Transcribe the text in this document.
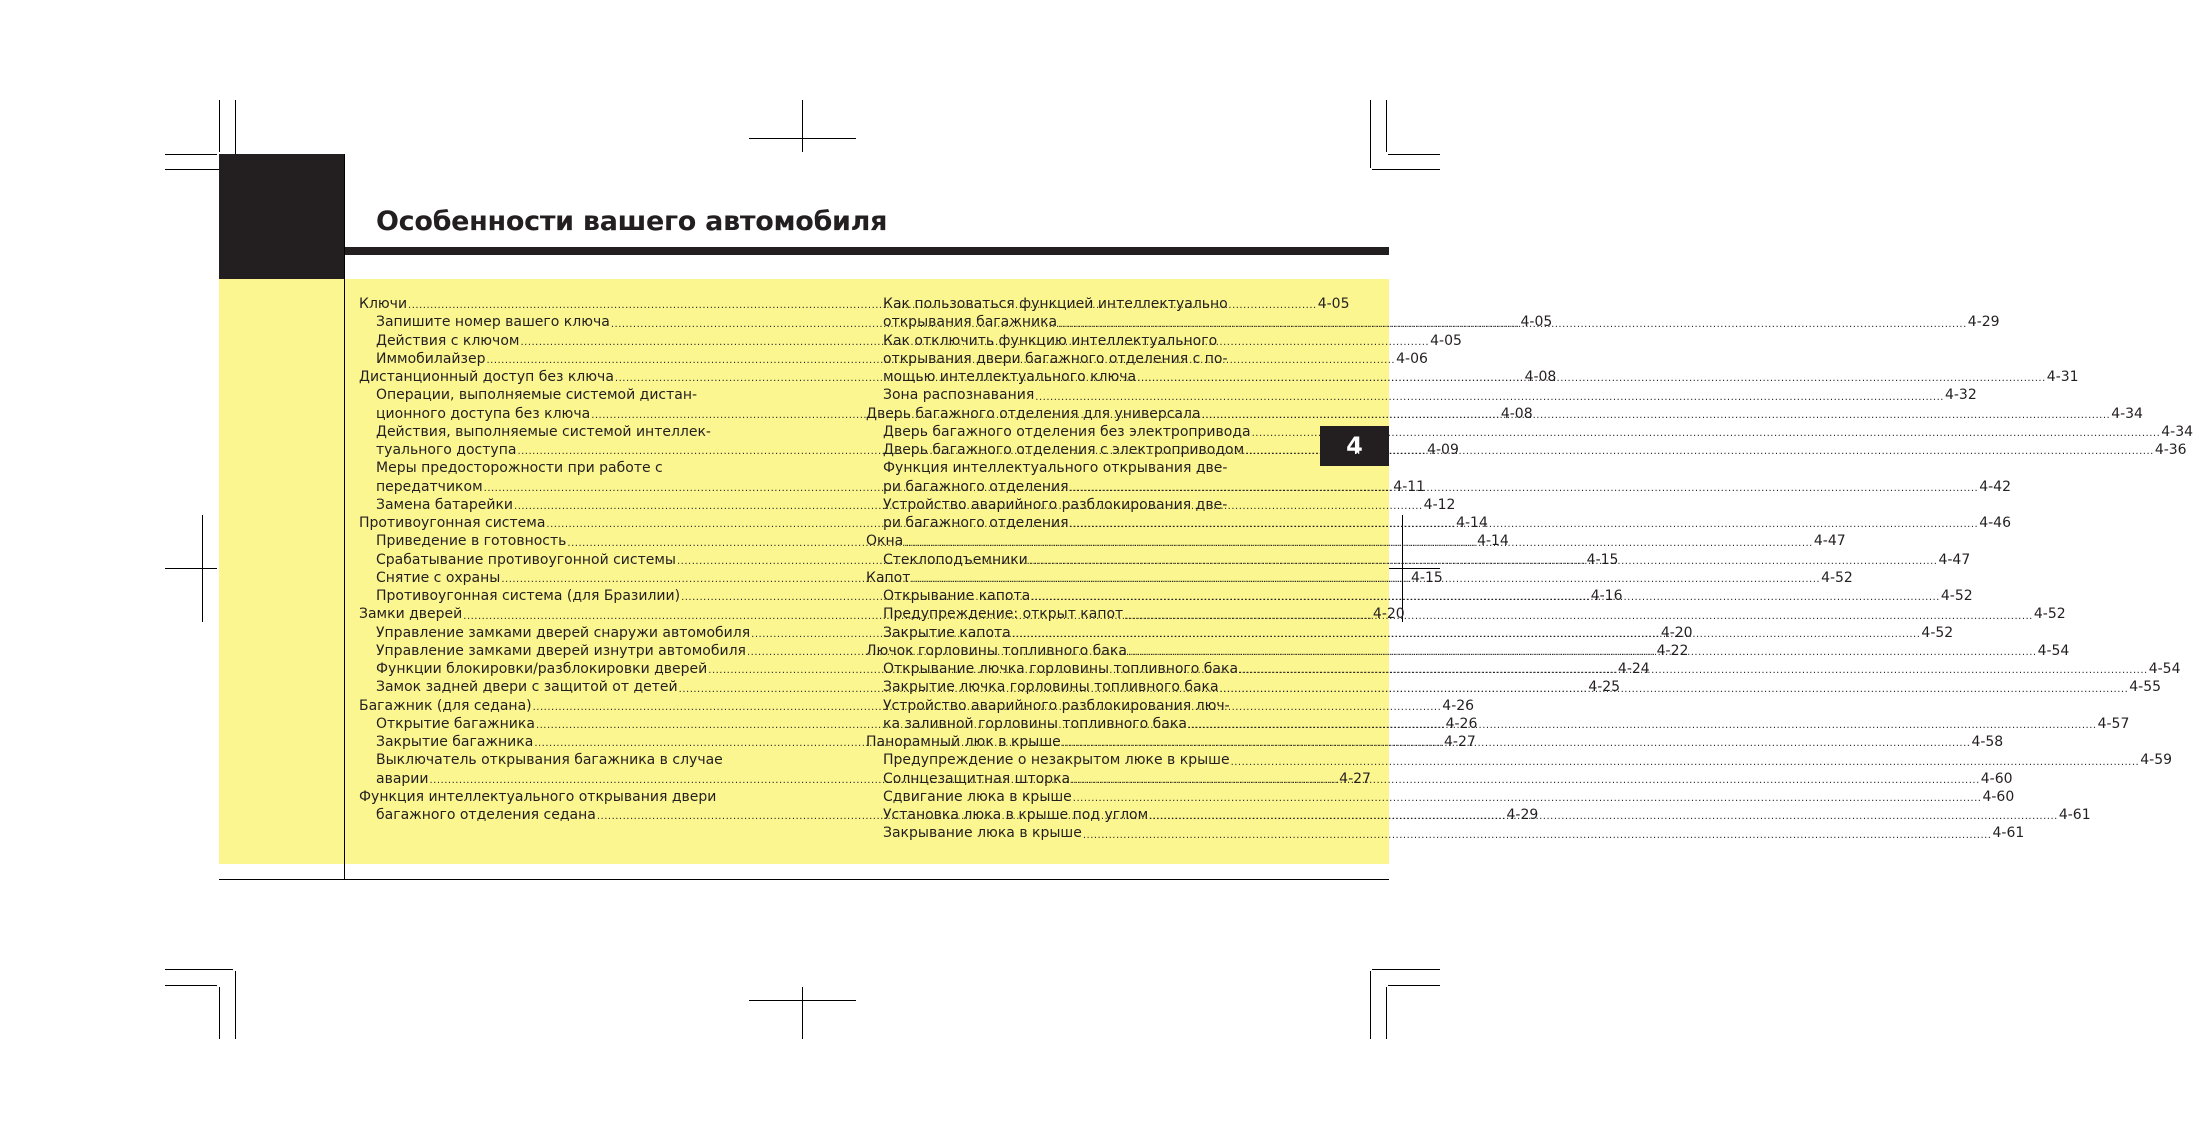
Особенности вашего автомобиля
4
Ключи .....	4-05
Запишите номер вашего ключа .....	4-05
Действия с ключом .....	4-05
Иммобилайзер .....	4-06
Дистанционный доступ без ключа .....	4-08
Операции, выполняемые системой дистан-
ционного доступа без ключа .....	4-08
Действия, выполняемые системой интеллек-
туального доступа .....	4-09
Меры предосторожности при работе с
передатчиком .....	4-11
Замена батарейки .....	4-12
Противоугонная система .....	4-14
Приведение в готовность .....	4-14
Срабатывание противоугонной системы .....	4-15
Снятие с охраны .....	4-15
Противоугонная система (для Бразилии) .....	4-16
Замки дверей .....	4-20
Управление замками дверей снаружи автомобиля .....	4-20
Управление замками дверей изнутри автомобиля .....	4-22
Функции блокировки/разблокировки дверей .....	4-24
Замок задней двери с защитой от детей .....	4-25
Багажник (для седана) .....	4-26
Открытие багажника .....	4-26
Закрытие багажника .....	4-27
Выключатель открывания багажника в случае
аварии .....	4-27
Функция интеллектуального открывания двери
багажного отделения седана .....	4-29
Как пользоваться функцией интеллектуально
открывания багажника .....	4-29
Как отключить функцию интеллектуального
открывания двери багажного отделения с по-
мощью интеллектуального ключа .....	4-31
Зона распознавания .....	4-32
Дверь багажного отделения для универсала .....	4-34
Дверь багажного отделения без электропривода .....	4-34
Дверь багажного отделения с электроприводом .....	4-36
Функция интеллектуального открывания две-
ри багажного отделения .....	4-42
Устройство аварийного разблокирования две-
ри багажного отделения .....	4-46
Окна .....	4-47
Стеклоподъемники .....	4-47
Капот .....	4-52
Открывание капота .....	4-52
Предупреждение: открыт капот .....	4-52
Закрытие капота .....	4-52
Лючок горловины топливного бака .....	4-54
Открывание лючка горловины топливного бака .....	4-54
Закрытие лючка горловины топливного бака .....	4-55
Устройство аварийного разблокирования люч-
ка заливной горловины топливного бака .....	4-57
Панорамный люк в крыше .....	4-58
Предупреждение о незакрытом люке в крыше .....	4-59
Солнцезащитная шторка .....	4-60
Сдвигание люка в крыше .....	4-60
Установка люка в крыше под углом .....	4-61
Закрывание люка в крыше .....	4-61
